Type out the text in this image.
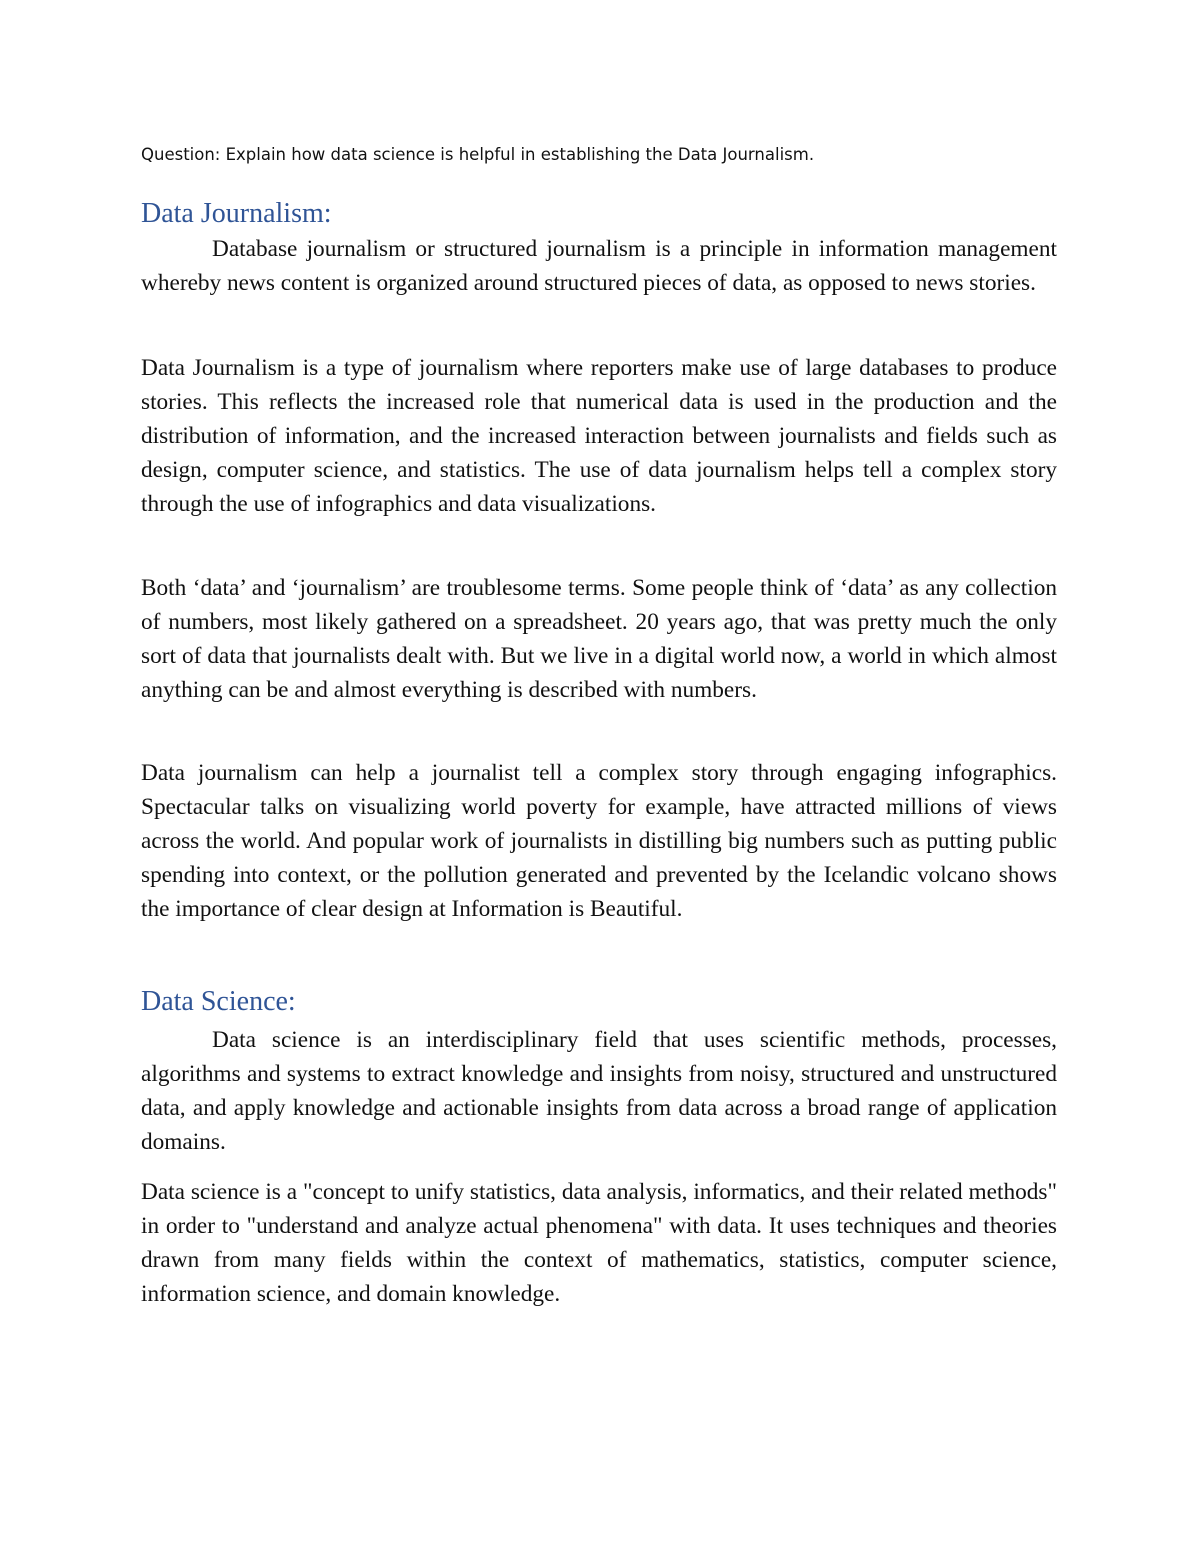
Question: Explain how data science is helpful in establishing the Data Journalism.
Data Journalism:

Database journalism or structured journalism is a principle in information management whereby news content is organized around structured pieces of data, as opposed to news stories.

Data Journalism is a type of journalism where reporters make use of large databases to produce stories. This reflects the increased role that numerical data is used in the production and the distribution of information, and the increased interaction between journalists and fields such as design, computer science, and statistics. The use of data journalism helps tell a complex story through the use of infographics and data visualizations.

Both ‘data’ and ‘journalism’ are troublesome terms. Some people think of ‘data’ as any collection of numbers, most likely gathered on a spreadsheet. 20 years ago, that was pretty much the only sort of data that journalists dealt with. But we live in a digital world now, a world in which almost anything can be and almost everything is described with numbers.

Data journalism can help a journalist tell a complex story through engaging infographics. Spectacular talks on visualizing world poverty for example, have attracted millions of views across the world. And popular work of journalists in distilling big numbers such as putting public spending into context, or the pollution generated and prevented by the Icelandic volcano shows the importance of clear design at Information is Beautiful.

Data Science:

Data science is an interdisciplinary field that uses scientific methods, processes, algorithms and systems to extract knowledge and insights from noisy, structured and unstructured data, and apply knowledge and actionable insights from data across a broad range of application domains.

Data science is a "concept to unify statistics, data analysis, informatics, and their related methods" in order to "understand and analyze actual phenomena" with data. It uses techniques and theories drawn from many fields within the context of mathematics, statistics, computer science, information science, and domain knowledge.
